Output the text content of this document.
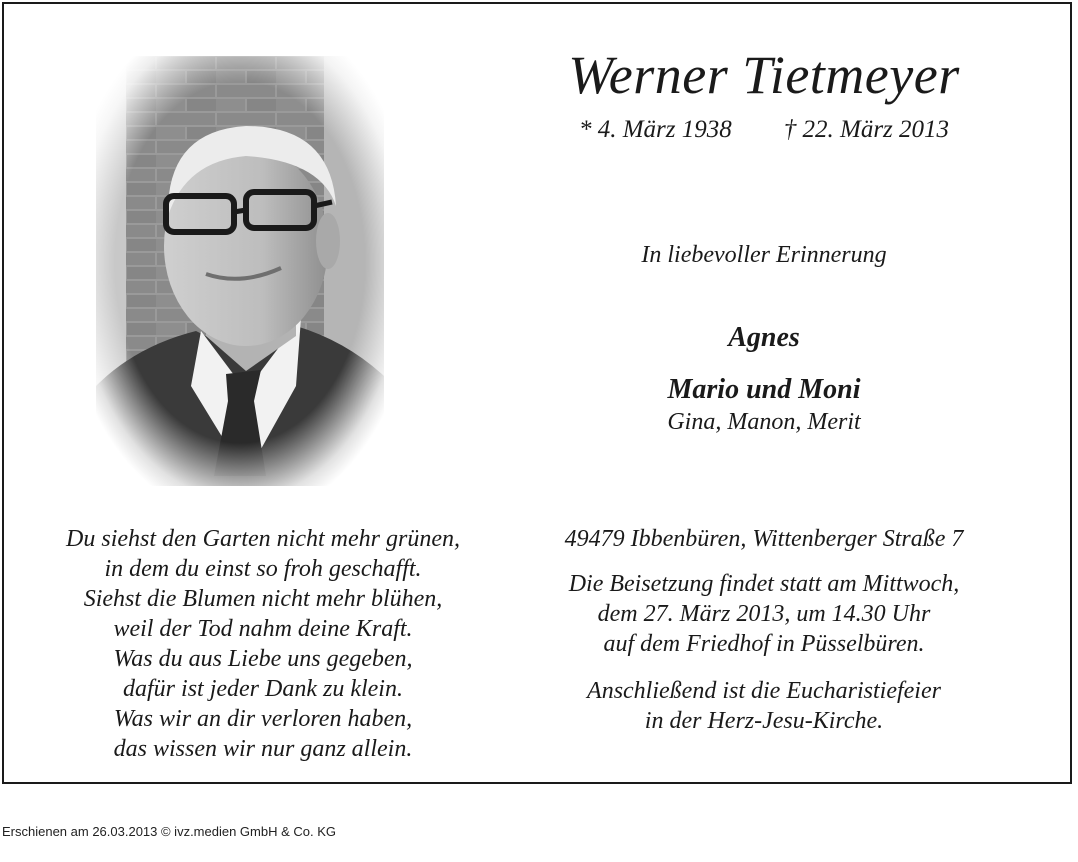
Werner Tietmeyer
* 4. März 1938 † 22. März 2013
In liebevoller Erinnerung
Agnes
Mario und Moni
Gina, Manon, Merit
Du siehst den Garten nicht mehr grünen,
in dem du einst so froh geschafft.
Siehst die Blumen nicht mehr blühen,
weil der Tod nahm deine Kraft.
Was du aus Liebe uns gegeben,
dafür ist jeder Dank zu klein.
Was wir an dir verloren haben,
das wissen wir nur ganz allein.
49479 Ibbenbüren, Wittenberger Straße 7
Die Beisetzung findet statt am Mittwoch,
dem 27. März 2013, um 14.30 Uhr
auf dem Friedhof in Püsselbüren.
Anschließend ist die Eucharistiefeier
in der Herz-Jesu-Kirche.
Erschienen am 26.03.2013 © ivz.medien GmbH & Co. KG
